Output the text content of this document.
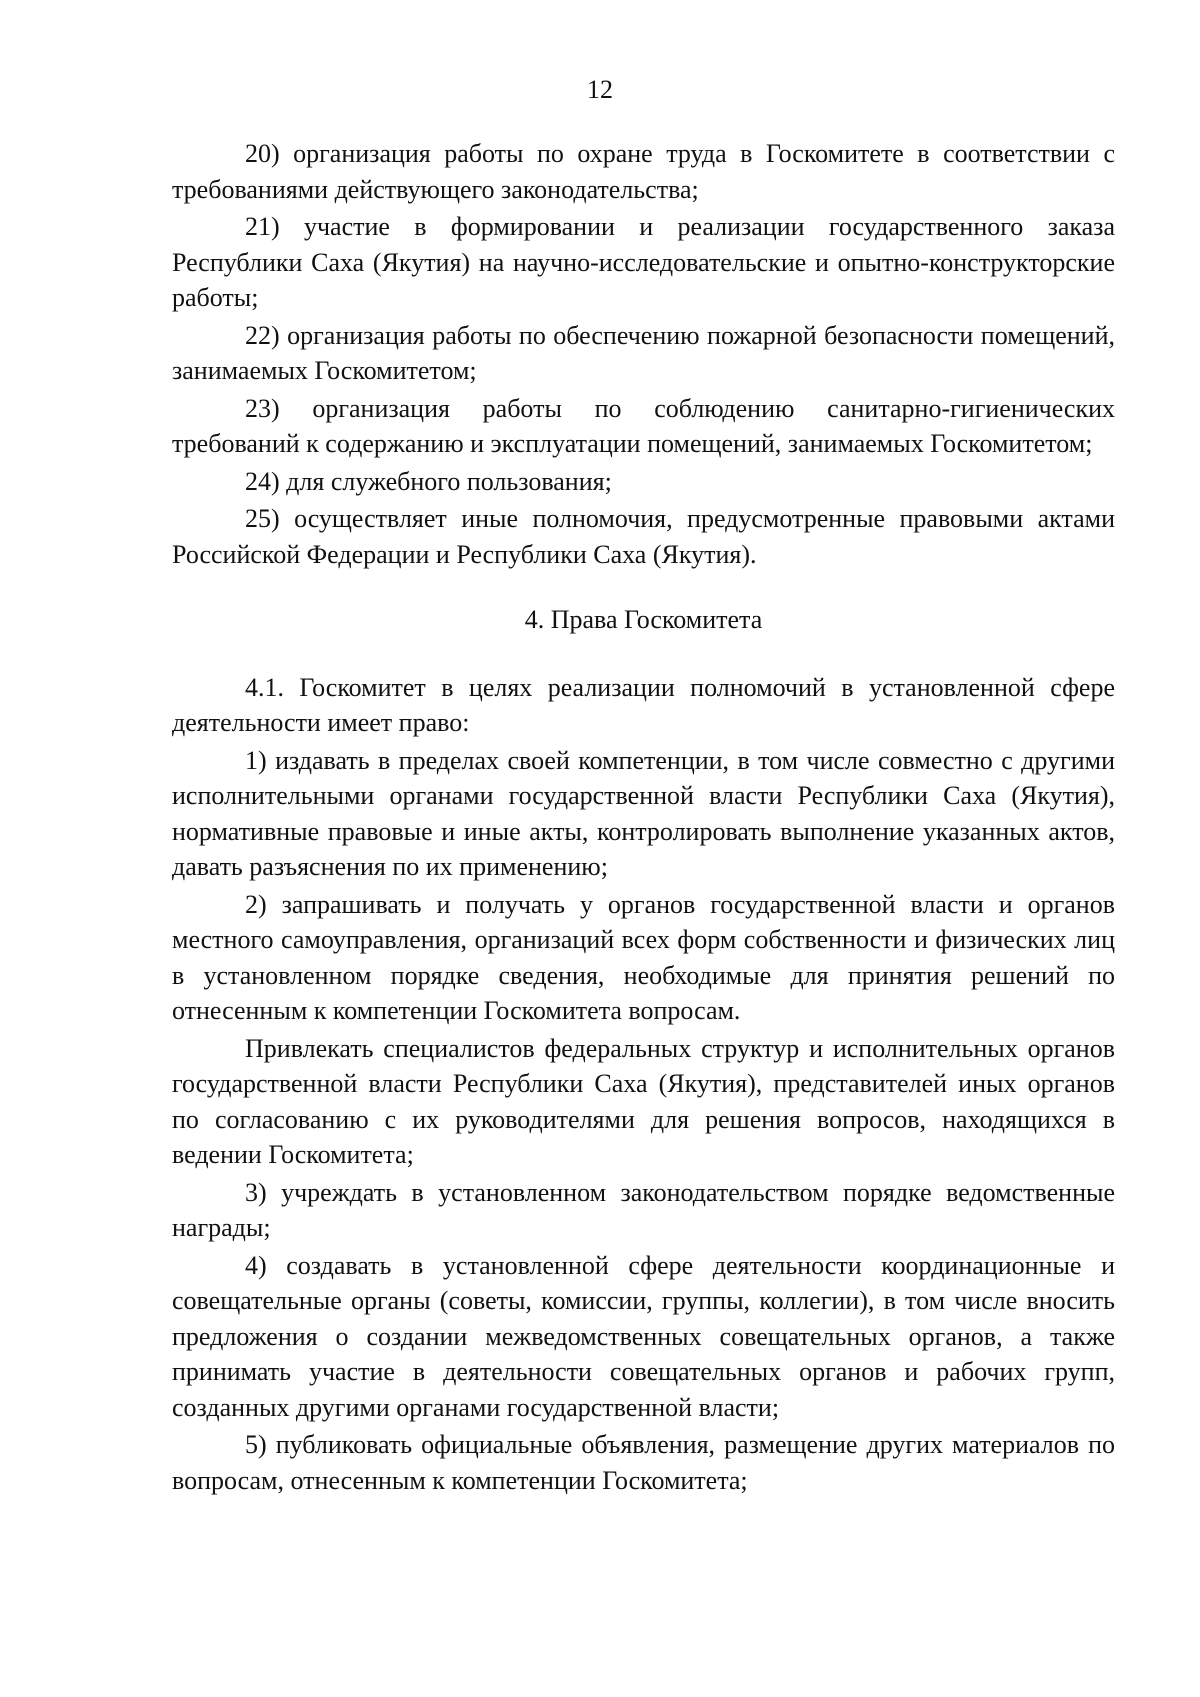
12

20) организация работы по охране труда в Госкомитете в соответствии с требованиями действующего законодательства;

21) участие в формировании и реализации государственного заказа Республики Саха (Якутия) на научно-исследовательские и опытно-конструкторские работы;

22) организация работы по обеспечению пожарной безопасности помещений, занимаемых Госкомитетом;

23) организация работы по соблюдению санитарно-гигиенических требований к содержанию и эксплуатации помещений, занимаемых Госкомитетом;

24) для служебного пользования;

25) осуществляет иные полномочия, предусмотренные правовыми актами Российской Федерации и Республики Саха (Якутия).

4. Права Госкомитета

4.1. Госкомитет в целях реализации полномочий в установленной сфере деятельности имеет право:

1) издавать в пределах своей компетенции, в том числе совместно с другими исполнительными органами государственной власти Республики Саха (Якутия), нормативные правовые и иные акты, контролировать выполнение указанных актов, давать разъяснения по их применению;

2) запрашивать и получать у органов государственной власти и органов местного самоуправления, организаций всех форм собственности и физических лиц в установленном порядке сведения, необходимые для принятия решений по отнесенным к компетенции Госкомитета вопросам.

Привлекать специалистов федеральных структур и исполнительных органов государственной власти Республики Саха (Якутия), представителей иных органов по согласованию с их руководителями для решения вопросов, находящихся в ведении Госкомитета;

3) учреждать в установленном законодательством порядке ведомственные награды;

4) создавать в установленной сфере деятельности координационные и совещательные органы (советы, комиссии, группы, коллегии), в том числе вносить предложения о создании межведомственных совещательных органов, а также принимать участие в деятельности совещательных органов и рабочих групп, созданных другими органами государственной власти;

5) публиковать официальные объявления, размещение других материалов по вопросам, отнесенным к компетенции Госкомитета;
